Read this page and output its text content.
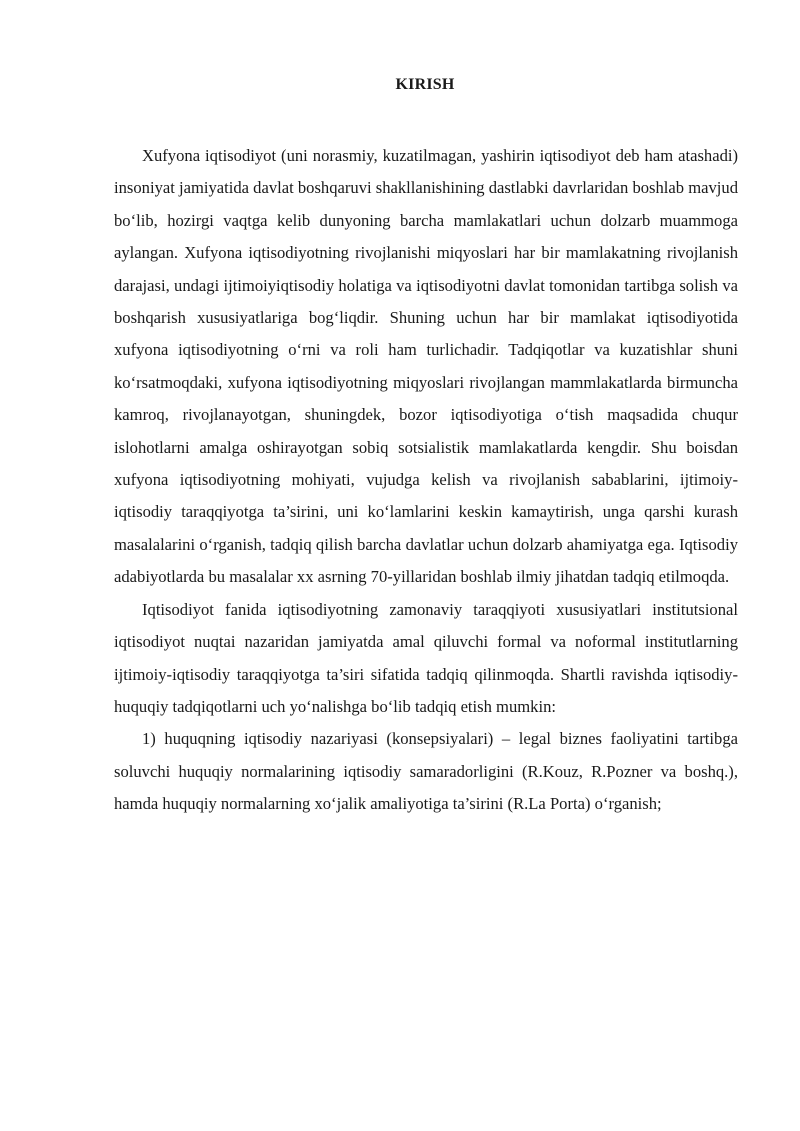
KIRISH

Xufyona iqtisodiyot (uni norasmiy, kuzatilmagan, yashirin iqtisodiyot deb ham atashadi) insoniyat jamiyatida davlat boshqaruvi shakllanishining dastlabki davrlaridan boshlab mavjud bo‘lib, hozirgi vaqtga kelib dunyoning barcha mamlakatlari uchun dolzarb muammoga aylangan. Xufyona iqtisodiyotning rivojlanishi miqyoslari har bir mamlakatning rivojlanish darajasi, undagi ijtimoiyiqtisodiy holatiga va iqtisodiyotni davlat tomonidan tartibga solish va boshqarish xususiyatlariga bog‘liqdir. Shuning uchun har bir mamlakat iqtisodiyotida xufyona iqtisodiyotning o‘rni va roli ham turlichadir. Tadqiqotlar va kuzatishlar shuni ko‘rsatmoqdaki, xufyona iqtisodiyotning miqyoslari rivojlangan mammlakatlarda birmuncha kamroq, rivojlanayotgan, shuningdek, bozor iqtisodiyotiga o‘tish maqsadida chuqur islohotlarni amalga oshirayotgan sobiq sotsialistik mamlakatlarda kengdir. Shu boisdan xufyona iqtisodiyotning mohiyati, vujudga kelish va rivojlanish sabablarini, ijtimoiy-iqtisodiy taraqqiyotga ta’sirini, uni ko‘lamlarini keskin kamaytirish, unga qarshi kurash masalalarini o‘rganish, tadqiq qilish barcha davlatlar uchun dolzarb ahamiyatga ega. Iqtisodiy adabiyotlarda bu masalalar xx asrning 70-yillaridan boshlab ilmiy jihatdan tadqiq etilmoqda.

Iqtisodiyot fanida iqtisodiyotning zamonaviy taraqqiyoti xususiyatlari institutsional iqtisodiyot nuqtai nazaridan jamiyatda amal qiluvchi formal va noformal institutlarning ijtimoiy-iqtisodiy taraqqiyotga ta’siri sifatida tadqiq qilinmoqda. Shartli ravishda iqtisodiy-huquqiy tadqiqotlarni uch yo‘nalishga bo‘lib tadqiq etish mumkin:

1) huquqning iqtisodiy nazariyasi (konsepsiyalari) – legal biznes faoliyatini tartibga soluvchi huquqiy normalarining iqtisodiy samaradorligini (R.Kouz, R.Pozner va boshq.), hamda huquqiy normalarning xo‘jalik amaliyotiga ta’sirini (R.La Porta) o‘rganish;
